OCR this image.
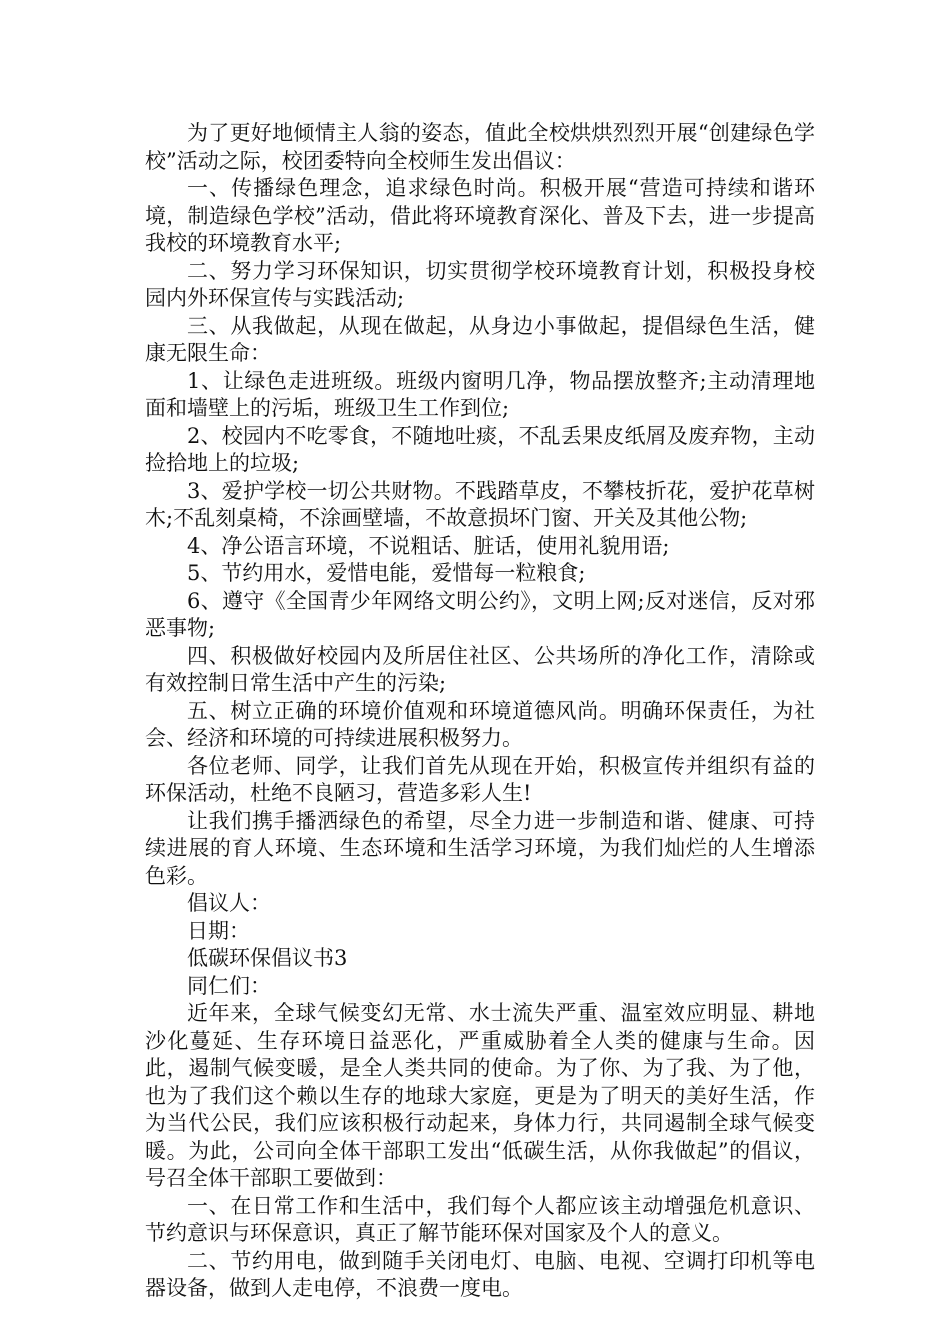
为了更好地倾情主人翁的姿态，值此全校烘烘烈烈开展“创建绿色学校”活动之际，校团委特向全校师生发出倡议：

一、传播绿色理念，追求绿色时尚。积极开展“营造可持续和谐环境，制造绿色学校”活动，借此将环境教育深化、普及下去，进一步提高我校的环境教育水平;

二、努力学习环保知识，切实贯彻学校环境教育计划，积极投身校园内外环保宣传与实践活动;

三、从我做起，从现在做起，从身边小事做起，提倡绿色生活，健康无限生命：

1、让绿色走进班级。班级内窗明几净，物品摆放整齐;主动清理地面和墙壁上的污垢，班级卫生工作到位;

2、校园内不吃零食，不随地吐痰，不乱丢果皮纸屑及废弃物，主动捡拾地上的垃圾;

3、爱护学校一切公共财物。不践踏草皮，不攀枝折花，爱护花草树木;不乱刻桌椅，不涂画壁墙，不故意损坏门窗、开关及其他公物;

4、净公语言环境，不说粗话、脏话，使用礼貌用语;

5、节约用水，爱惜电能，爱惜每一粒粮食;

6、遵守《全国青少年网络文明公约》，文明上网;反对迷信，反对邪恶事物;

四、积极做好校园内及所居住社区、公共场所的净化工作，清除或有效控制日常生活中产生的污染;

五、树立正确的环境价值观和环境道德风尚。明确环保责任，为社会、经济和环境的可持续进展积极努力。

各位老师、同学，让我们首先从现在开始，积极宣传并组织有益的环保活动，杜绝不良陋习，营造多彩人生!

让我们携手播洒绿色的希望，尽全力进一步制造和谐、健康、可持续进展的育人环境、生态环境和生活学习环境，为我们灿烂的人生增添色彩。

倡议人：

日期：

低碳环保倡议书3

同仁们：

近年来，全球气候变幻无常、水士流失严重、温室效应明显、耕地沙化蔓延、生存环境日益恶化，严重威胁着全人类的健康与生命。因此，遏制气候变暖，是全人类共同的使命。为了你、为了我、为了他，也为了我们这个赖以生存的地球大家庭，更是为了明天的美好生活，作为当代公民，我们应该积极行动起来，身体力行，共同遏制全球气候变暖。为此，公司向全体干部职工发出“低碳生活，从你我做起”的倡议，号召全体干部职工要做到：

一、在日常工作和生活中，我们每个人都应该主动增强危机意识、节约意识与环保意识，真正了解节能环保对国家及个人的意义。

二、节约用电，做到随手关闭电灯、电脑、电视、空调打印机等电器设备，做到人走电停，不浪费一度电。
